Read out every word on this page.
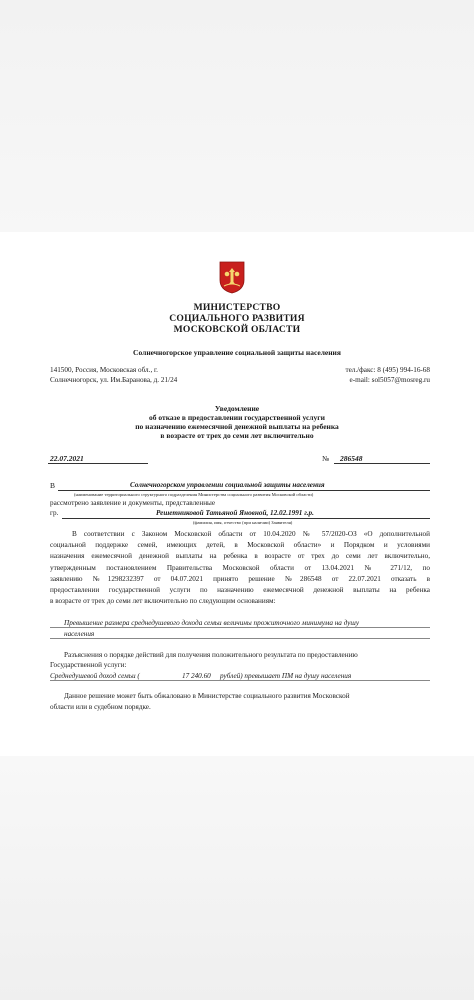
МИНИСТЕРСТВО
СОЦИАЛЬНОГО РАЗВИТИЯ
МОСКОВСКОЙ ОБЛАСТИ
Солнечногорское управление социальной защиты населения
141500, Россия, Московская обл., г.
Солнечногорск, ул. Им.Баранова, д. 21/24
тел./факс: 8 (495) 994-16-68
e-mail: sol5057@mosreg.ru
Уведомление
об отказе в предоставлении государственной услуги
по назначению ежемесячной денежной выплаты на ребенка
в возрасте от трех до семи лет включительно
22.07.2021	№ 286548
В	Солнечногорском управлении социальной защиты населения
(наименование территориального структурного подразделения Министерства социального развития Московской области)
рассмотрено заявление и документы, представленные
гр.	Решетниковой Татьяной Яновной, 12.02.1991 г.р.
(фамилия, имя, отчество (при наличии) Заявителя)
В соответствии с Законом Московской области от 10.04.2020 № 57/2020-ОЗ «О дополнительной
социальной поддержке семей, имеющих детей, в Московской области» и Порядком и условиями
назначения ежемесячной денежной выплаты на ребенка в возрасте от трех до семи лет включительно,
утвержденным постановлением Правительства Московской области от 13.04.2021 № 271/12, по
заявлению №1298232397 от 04.07.2021 принято решение №286548 от 22.07.2021 отказать в
предоставлении государственной услуги по назначению ежемесячной денежной выплаты на ребенка
в возрасте от трех до семи лет включительно по следующим основаниям:
Превышение размера среднедушевого дохода семьи величины прожиточного минимума на душу
населения
Разъяснения о порядке действий для получения положительного результата по предоставлению
Государственной услуги:
Среднедушевой доход семьи (	17 240.60 рублей) превышает ПМ на душу населения
Данное решение может быть обжаловано в Министерстве социального развития Московской
области или в судебном порядке.
